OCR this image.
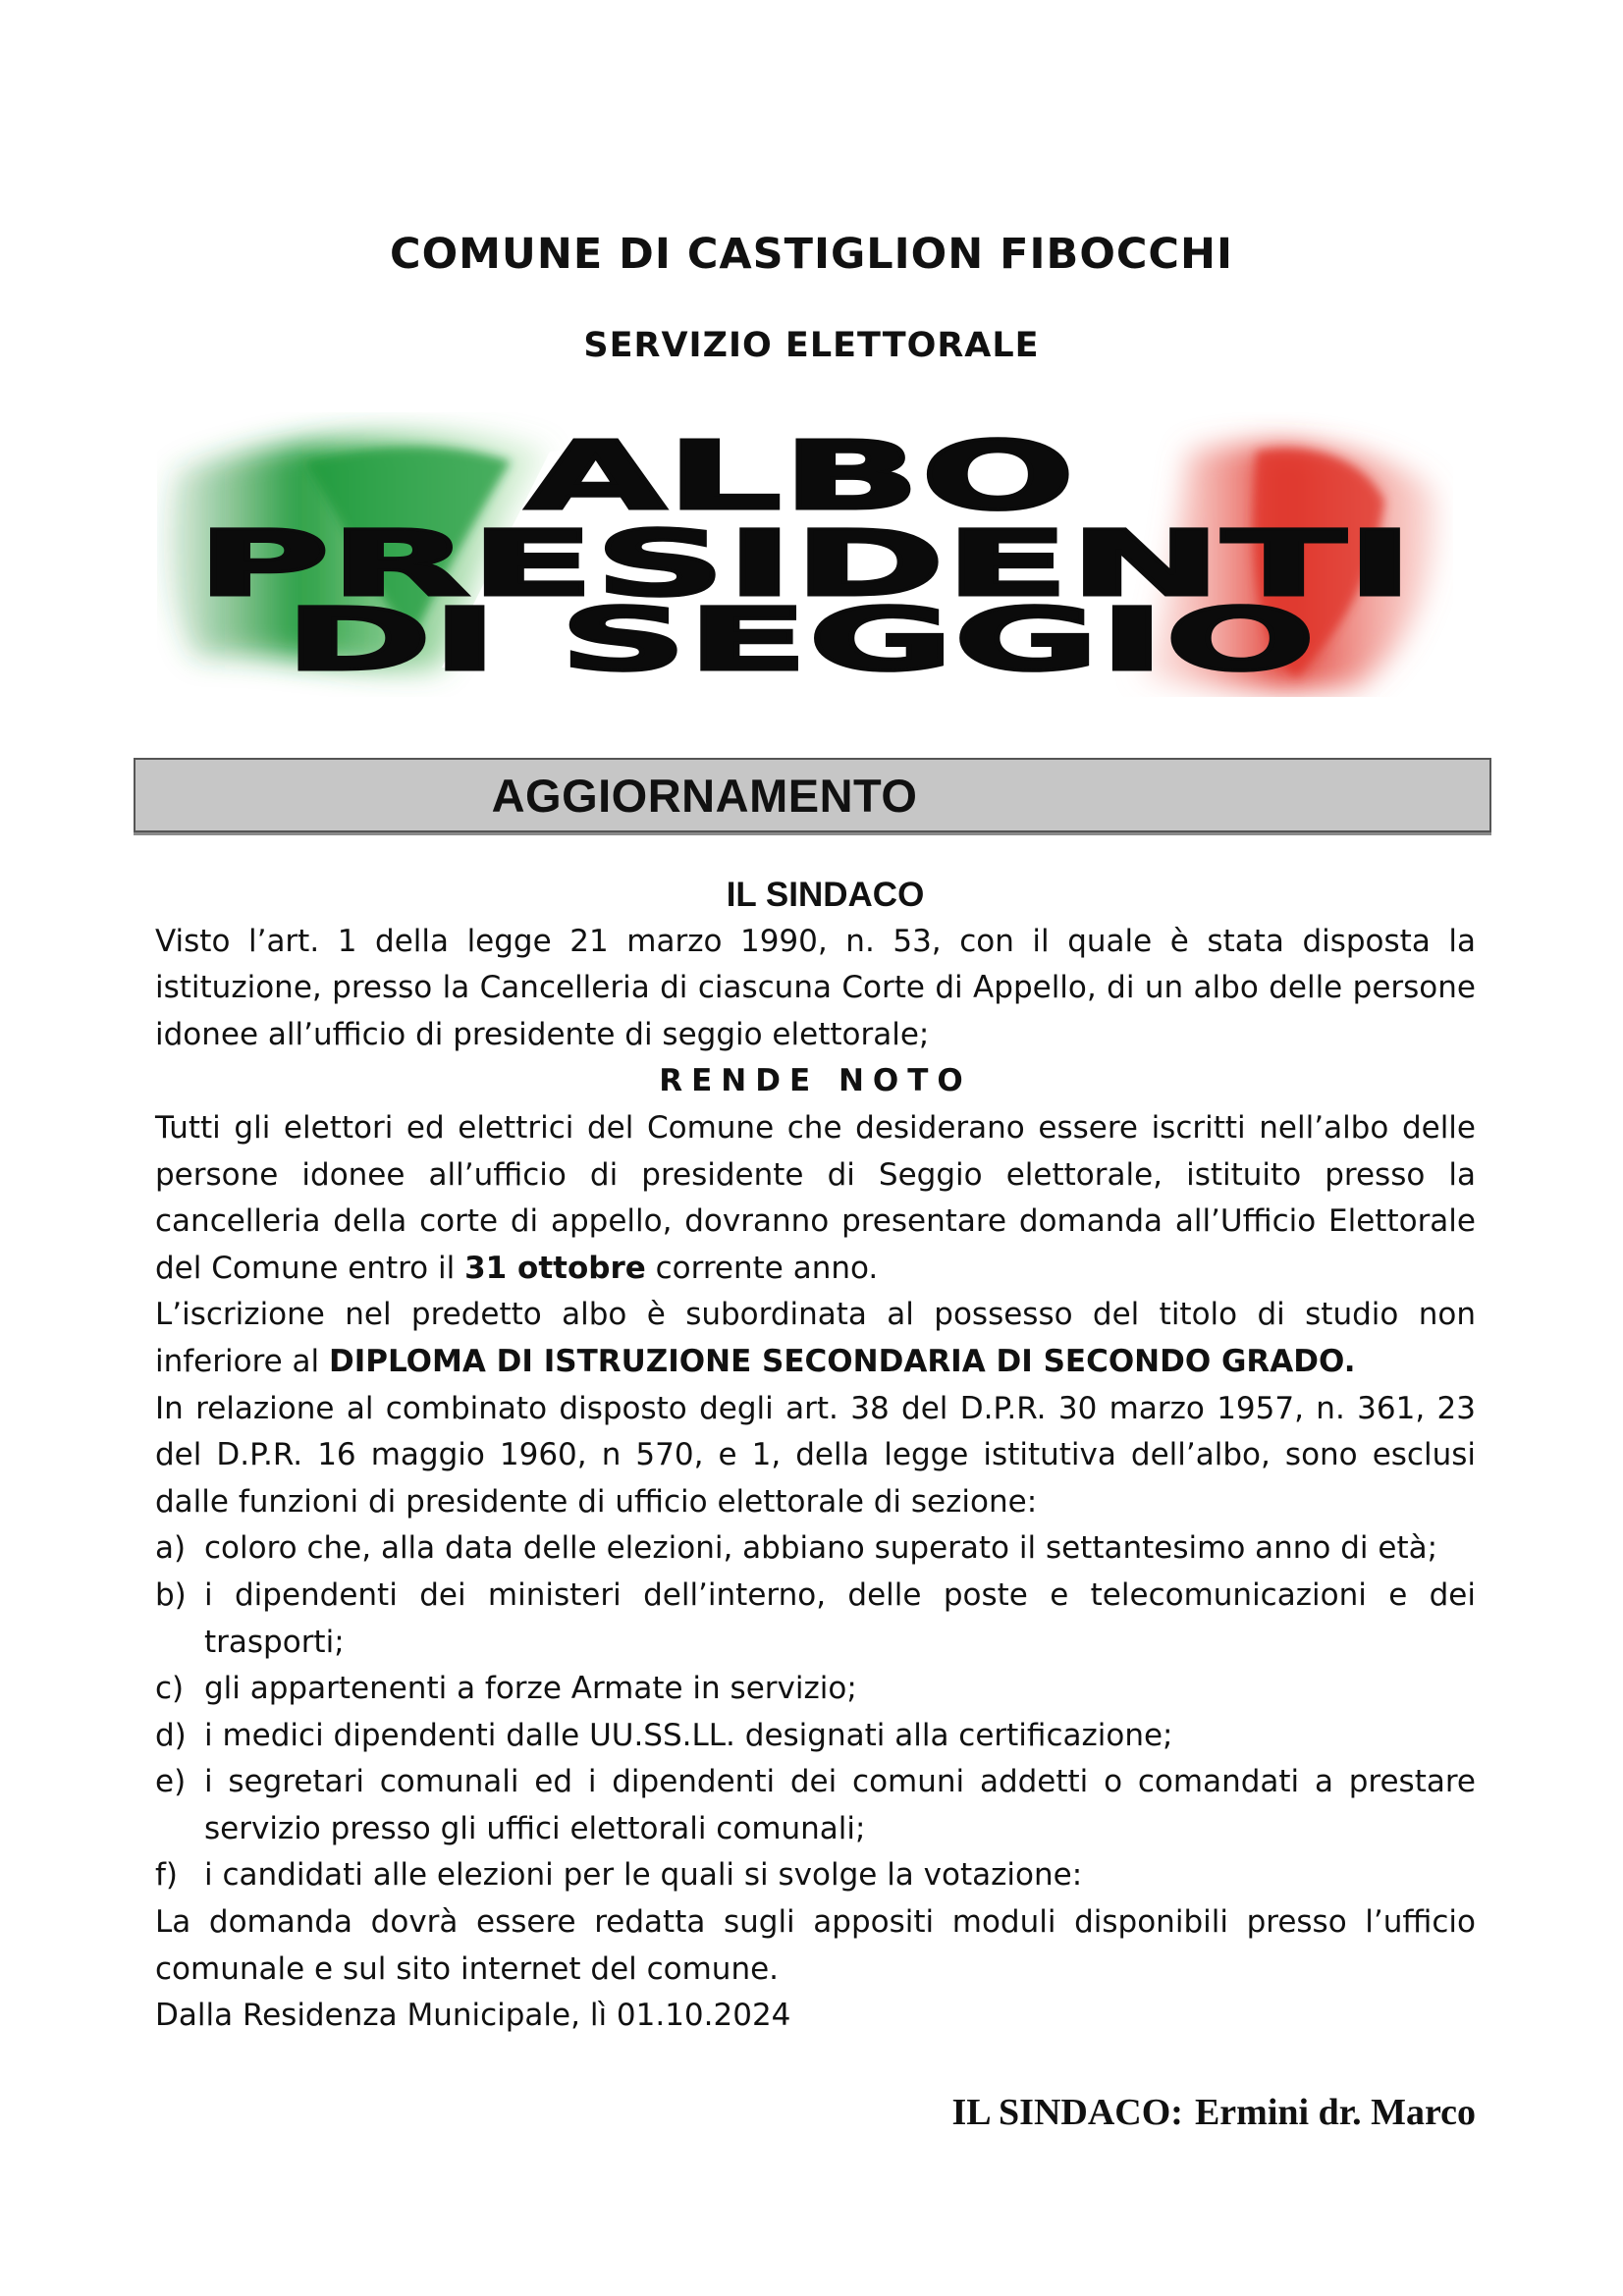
COMUNE DI CASTIGLION FIBOCCHI
SERVIZIO ELETTORALE
ALBO
PRESIDENTI
DI SEGGIO
AGGIORNAMENTO

IL SINDACO

Visto l’art. 1 della legge 21 marzo 1990, n. 53, con il quale è stata disposta la istituzione, presso la Cancelleria di ciascuna Corte di Appello, di un albo delle persone idonee all’ufficio di presidente di seggio elettorale;

RENDE NOTO

Tutti gli elettori ed elettrici del Comune che desiderano essere iscritti nell’albo delle persone idonee all’ufficio di presidente di Seggio elettorale, istituito presso la cancelleria della corte di appello, dovranno presentare domanda all’Ufficio Elettorale del Comune entro il 31 ottobre corrente anno.

L’iscrizione nel predetto albo è subordinata al possesso del titolo di studio non inferiore al DIPLOMA DI ISTRUZIONE SECONDARIA DI SECONDO GRADO.

In relazione al combinato disposto degli art. 38 del D.P.R. 30 marzo 1957, n. 361, 23 del D.P.R. 16 maggio 1960, n 570, e 1, della legge istitutiva dell’albo, sono esclusi dalle funzioni di presidente di ufficio elettorale di sezione:

a) coloro che, alla data delle elezioni, abbiano superato il settantesimo anno di età;
b) i dipendenti dei ministeri dell’interno, delle poste e telecomunicazioni e dei trasporti;
c) gli appartenenti a forze Armate in servizio;
d) i medici dipendenti dalle UU.SS.LL. designati alla certificazione;
e) i segretari comunali ed i dipendenti dei comuni addetti o comandati a prestare servizio presso gli uffici elettorali comunali;
f) i candidati alle elezioni per le quali si svolge la votazione:

La domanda dovrà essere redatta sugli appositi moduli disponibili presso l’ufficio comunale e sul sito internet del comune.

Dalla Residenza Municipale, lì 01.10.2024

IL SINDACO: Ermini dr. Marco
